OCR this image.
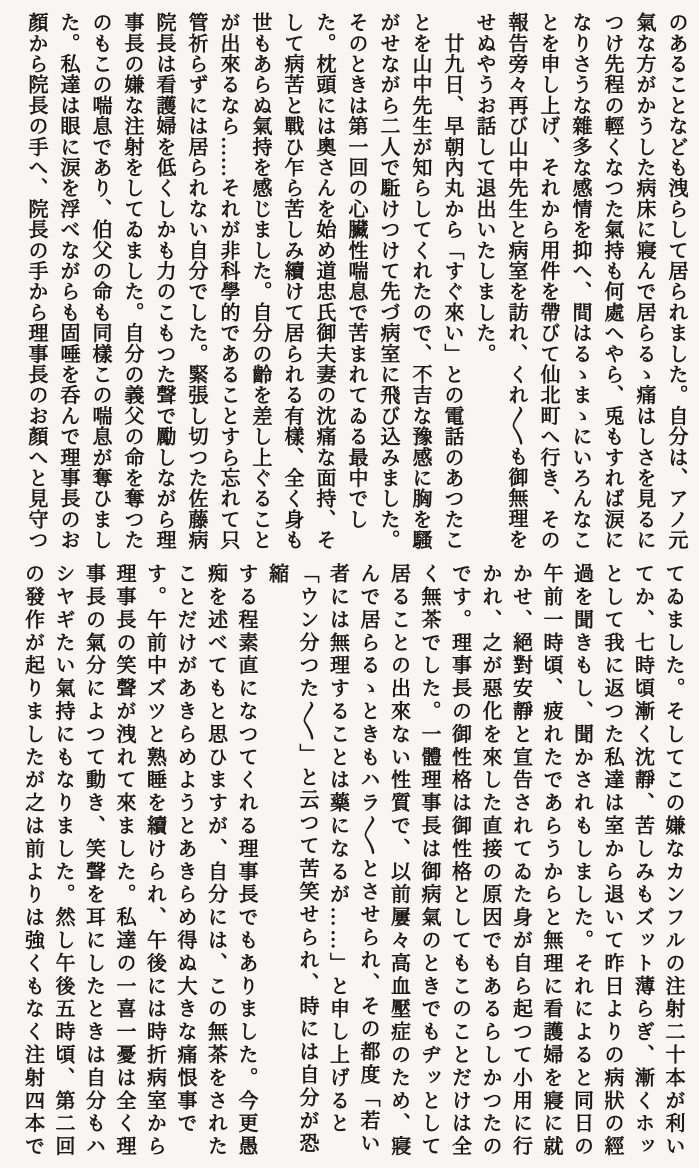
のあることなども洩らして居られました。自分は、アノ元

氣な方がかうした病床に寢んで居らるゝ痛はしさを見るに

つけ先程の輕くなつた氣持も何處へやら、兎もすれば涙に

なりさうな雜多な感情を抑へ、間はるゝまゝにいろんなこ

とを申し上げ、それから用件を帶びて仙北町へ行き、その

報告旁々再び山中先生と病室を訪れ、くれ〳〵も御無理を

せぬやうお話して退出いたしました。

　廿九日、早朝內丸から「すぐ來い」との電話のあつたこ

とを山中先生が知らしてくれたので、不吉な豫感に胸を騷

がせながら二人で駈けつけて先づ病室に飛び込みました。

そのときは第一回の心臟性喘息で苦まれてゐる最中でし

た。枕頭には奧さんを始め道忠氏御夫妻の沈痛な面持、そ

して病苦と戰ひ乍ら苦しみ續けて居られる有樣、全く身も

世もあらぬ氣持を感じました。自分の齡を差し上ぐること

が出來るなら……それが非科學的であることすら忘れて只

管祈らずには居られない自分でした。緊張し切つた佐藤病

院長は看護婦を低くしかも力のこもつた聲で勵しながら理

事長の嫌な注射をしてゐました。自分の義父の命を奪つた

のもこの喘息であり、伯父の命も同樣この喘息が奪ひまし

た。私達は眼に涙を浮べながらも固唾を呑んで理事長のお

顏から院長の手へ、院長の手から理事長のお顏へと見守つ

てゐました。そしてこの嫌なカンフルの注射二十本が利い

てか、七時頃漸く沈靜、苦しみもズット薄らぎ、漸くホッ

として我に返つた私達は室から退いて昨日よりの病狀の經

過を聞きもし、聞かされもしました。それによると同日の

午前一時頃、疲れたであらうからと無理に看護婦を寢に就

かせ、絕對安靜と宣告されてゐた身が自ら起つて小用に行

かれ、之が惡化を來した直接の原因でもあるらしかつたの

です。理事長の御性格は御性格としてもこのことだけは全

く無茶でした。一體理事長は御病氣のときでもヂッとして

居ることの出來ない性質で、以前屢々高血壓症のため、寢

んで居らるゝときもハラ〳〵とさせられ、その都度「若い

者には無理することは藥になるが……」と申し上げると

「ウン分つた〳〵」と云つて苦笑せられ、時には自分が恐縮

する程素直になつてくれる理事長でもありました。今更愚

痴を述べてもと思ひますが、自分には、この無茶をされた

ことだけがあきらめようとあきらめ得ぬ大きな痛恨事で

す。午前中ズツと熟睡を續けられ、午後には時折病室から

理事長の笑聲が洩れて來ました。私達の一喜一憂は全く理

事長の氣分によつて動き、笑聲を耳にしたときは自分もハ

シヤギたい氣持にもなりました。然し午後五時頃、第二回

の發作が起りましたが之は前よりは強くもなく注射四本で
